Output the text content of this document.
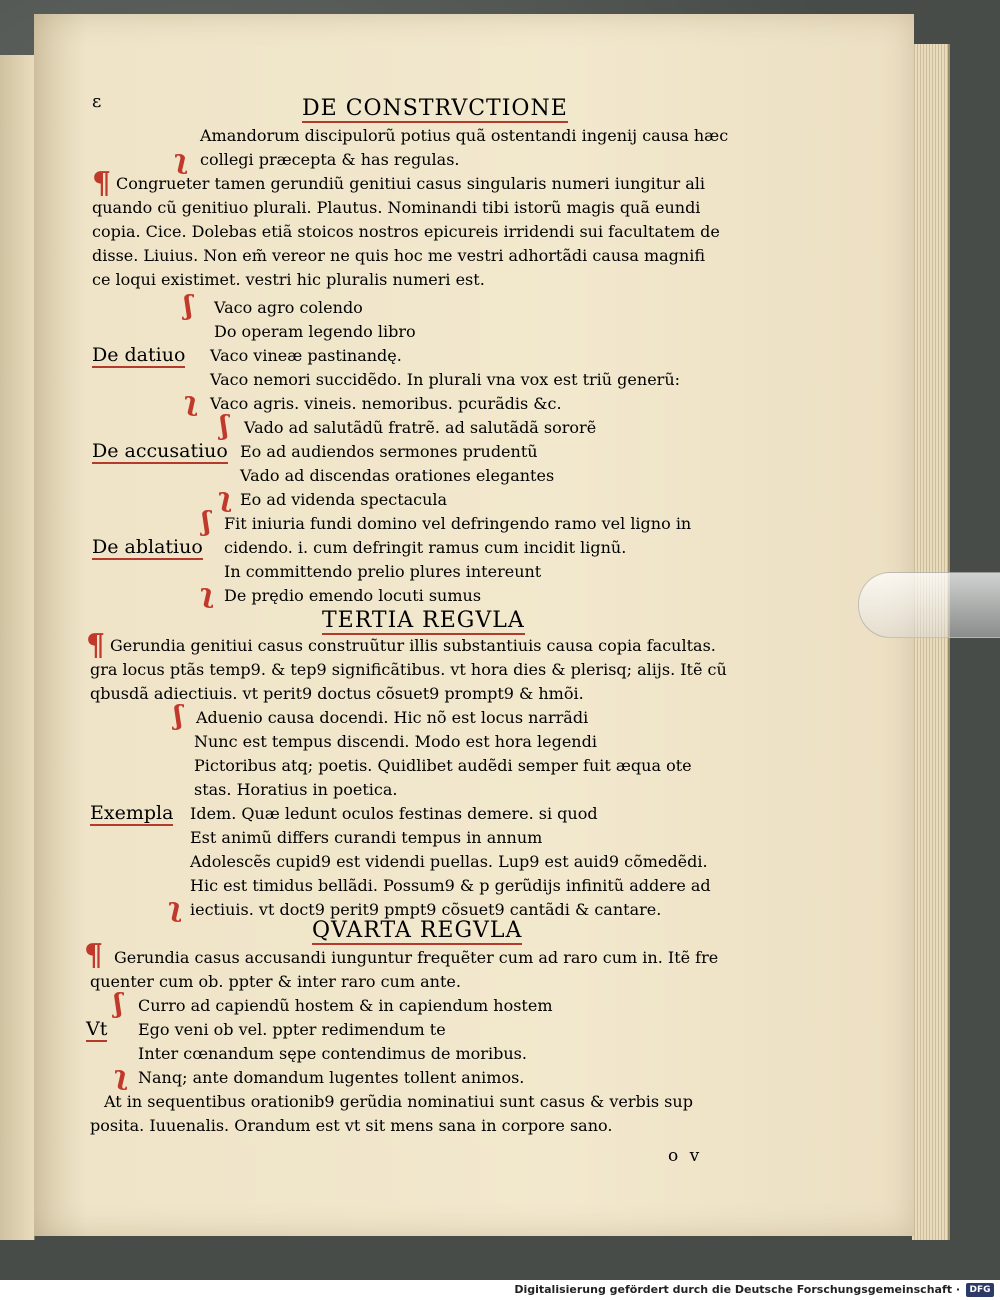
ε	DE CONSTRVCTIONE
Amandorum discipulorũ potius quã ostentandi ingenij causa hæc
ʅ collegi præcepta & has regulas.
¶ Congrueter tamen gerundiũ genitiui casus singularis numeri iungitur ali
quando cũ genitiuo plurali. Plautus. Nominandi tibi istorũ magis quã eundi
copia. Cice. Dolebas etiã stoicos nostros epicureis irridendi sui facultatem de
disse. Liuius. Non em̃ vereor ne quis hoc me vestri adhortãdi causa magnifi
ce loqui existimet. vestri hic pluralis numeri est.
ʃ Vaco agro colendo
Do operam legendo libro
De datiuo Vaco vineæ pastinandę.
Vaco nemori succidẽdo. In plurali vna vox est triũ generũ:
ʅ Vaco agris. vineis. nemoribus. pcurãdis &c.
ʃ Vado ad salutãdũ fratrẽ. ad salutãdã sororẽ
De accusatiuo Eo ad audiendos sermones prudentũ
Vado ad discendas orationes elegantes
ʅ Eo ad videnda spectacula
ʃ Fit iniuria fundi domino vel defringendo ramo vel ligno in
De ablatiuo cidendo. i. cum defringit ramus cum incidit lignũ.
In committendo prelio plures intereunt
ʅ De prędio emendo locuti sumus
TERTIA REGVLA
¶ Gerundia genitiui casus construũtur illis substantiuis causa copia facultas.
gra locus ptãs temp9. & tep9 significãtibus. vt hora dies & plerisq; alijs. Itẽ cũ
qbusdã adiectiuis. vt perit9 doctus cõsuet9 prompt9 & hmõi.
ʃ Aduenio causa docendi. Hic nõ est locus narrãdi
Nunc est tempus discendi. Modo est hora legendi
Pictoribus atq; poetis. Quidlibet audẽdi semper fuit æqua ote
stas. Horatius in poetica.
Exempla Idem. Quæ ledunt oculos festinas demere. si quod
Est animũ differs curandi tempus in annum
Adolescẽs cupid9 est videndi puellas. Lup9 est auid9 cõmedẽdi.
Hic est timidus bellãdi. Possum9 & p gerũdijs infinitũ addere ad
ʅ iectiuis. vt doct9 perit9 pmpt9 cõsuet9 cantãdi & cantare.
QVARTA REGVLA
¶ Gerundia casus accusandi iunguntur frequẽter cum ad raro cum in. Itẽ fre
quenter cum ob. ppter & inter raro cum ante.
ʃ Curro ad capiendũ hostem & in capiendum hostem
Vt Ego veni ob vel. ppter redimendum te
Inter cœnandum sępe contendimus de moribus.
ʅ Nanq; ante domandum lugentes tollent animos.
At in sequentibus orationib9 gerũdia nominatiui sunt casus & verbis sup
posita. Iuuenalis. Orandum est vt sit mens sana in corpore sano.
o v
Digitalisierung gefördert durch die Deutsche Forschungsgemeinschaft ·	DFG
